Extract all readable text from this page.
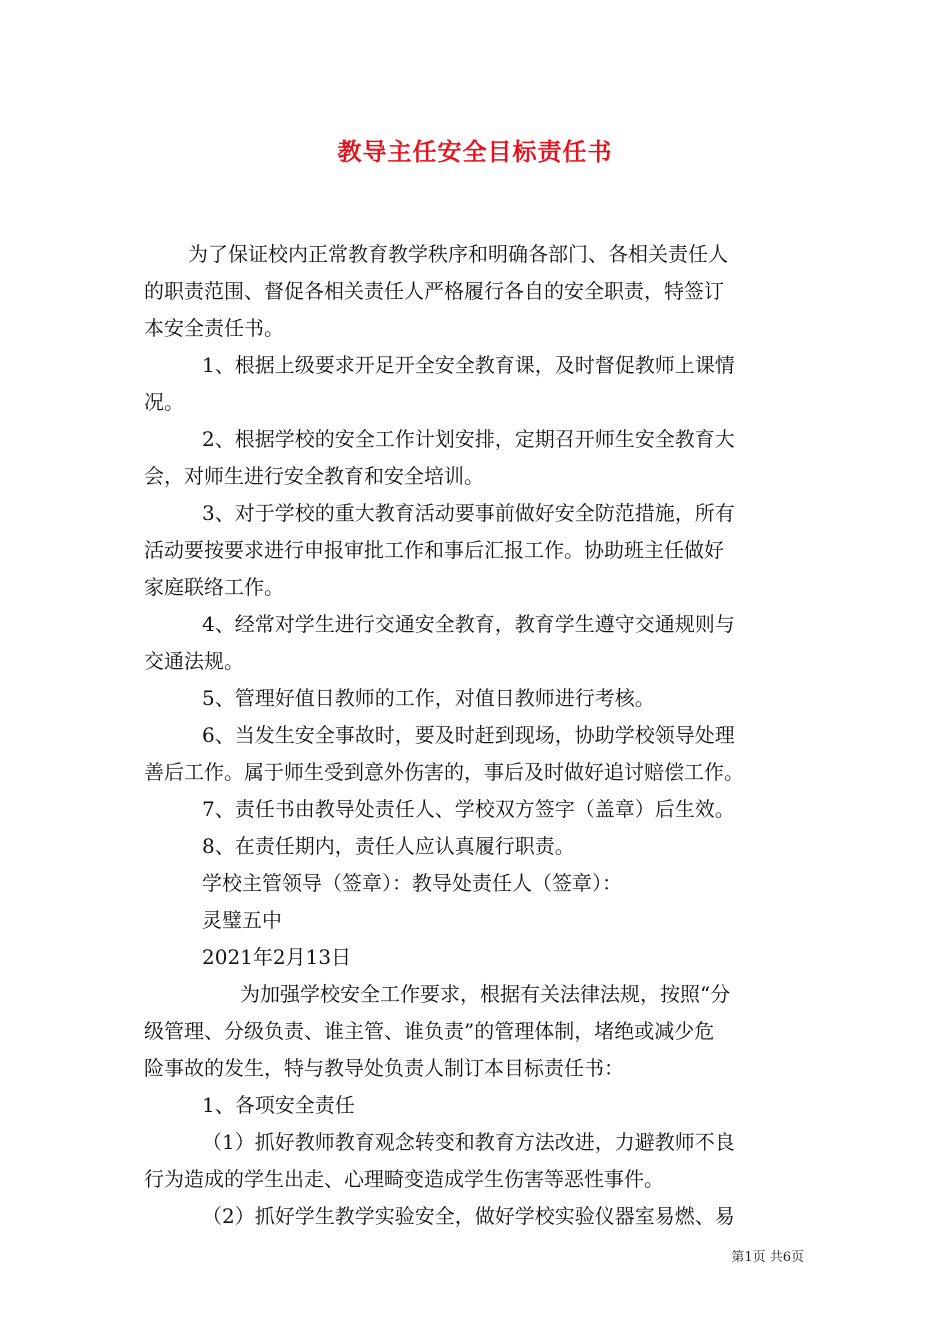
教导主任安全目标责任书

为了保证校内正常教育教学秩序和明确各部门、各相关责任人

的职责范围、督促各相关责任人严格履行各自的安全职责，特签订

本安全责任书。

1、根据上级要求开足开全安全教育课，及时督促教师上课情

况。

2、根据学校的安全工作计划安排，定期召开师生安全教育大

会，对师生进行安全教育和安全培训。

3、对于学校的重大教育活动要事前做好安全防范措施，所有

活动要按要求进行申报审批工作和事后汇报工作。协助班主任做好

家庭联络工作。

4、经常对学生进行交通安全教育，教育学生遵守交通规则与

交通法规。

5、管理好值日教师的工作，对值日教师进行考核。

6、当发生安全事故时，要及时赶到现场，协助学校领导处理

善后工作。属于师生受到意外伤害的，事后及时做好追讨赔偿工作。

7、责任书由教导处责任人、学校双方签字（盖章）后生效。

8、在责任期内，责任人应认真履行职责。

学校主管领导（签章）：教导处责任人（签章）：

灵璧五中

2021年2月13日

为加强学校安全工作要求，根据有关法律法规，按照“分

级管理、分级负责、谁主管、谁负责”的管理体制，堵绝或减少危

险事故的发生，特与教导处负责人制订本目标责任书：

1、各项安全责任

（1）抓好教师教育观念转变和教育方法改进，力避教师不良

行为造成的学生出走、心理畸变造成学生伤害等恶性事件。

（2）抓好学生教学实验安全，做好学校实验仪器室易燃、易

第1页 共6页
